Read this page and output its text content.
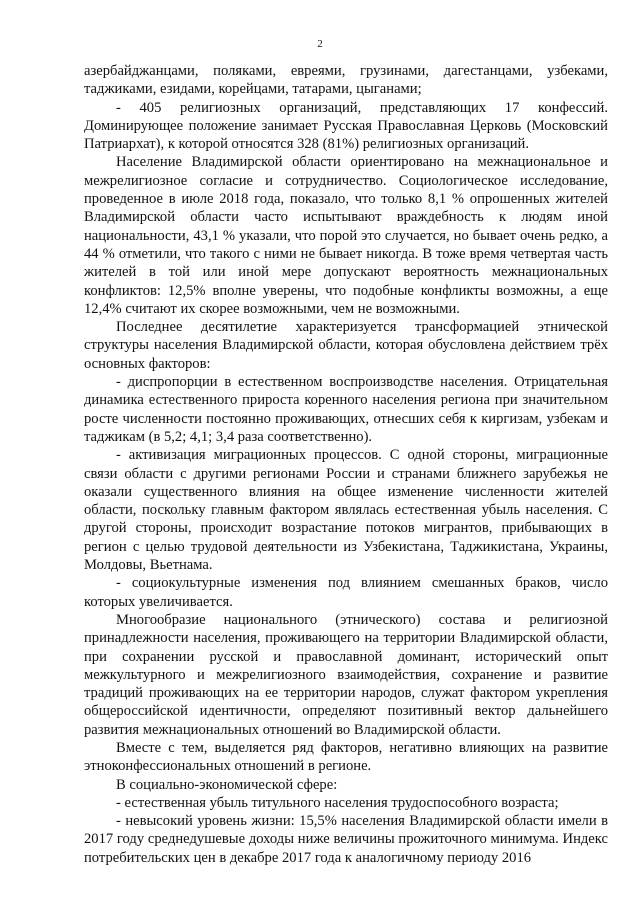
2

азербайджанцами, поляками, евреями, грузинами, дагестанцами, узбеками, таджиками, езидами, корейцами, татарами, цыганами;

- 405 религиозных организаций, представляющих 17 конфессий. Доминирующее положение занимает Русская Православная Церковь (Московский Патриархат), к которой относятся 328 (81%) религиозных организаций.

Население Владимирской области ориентировано на межнациональное и межрелигиозное согласие и сотрудничество. Социологическое исследование, проведенное в июле 2018 года, показало, что только 8,1 % опрошенных жителей Владимирской области часто испытывают враждебность к людям иной национальности, 43,1 % указали, что порой это случается, но бывает очень редко, а 44 % отметили, что такого с ними не бывает никогда. В тоже время четвертая часть жителей в той или иной мере допускают вероятность межнациональных конфликтов: 12,5% вполне уверены, что подобные конфликты возможны, а еще 12,4% считают их скорее возможными, чем не возможными.

Последнее десятилетие характеризуется трансформацией этнической структуры населения Владимирской области, которая обусловлена действием трёх основных факторов:

- диспропорции в естественном воспроизводстве населения. Отрицательная динамика естественного прироста коренного населения региона при значительном росте численности постоянно проживающих, отнесших себя к киргизам, узбекам и таджикам (в 5,2; 4,1; 3,4 раза соответственно).

- активизация миграционных процессов. С одной стороны, миграционные связи области с другими регионами России и странами ближнего зарубежья не оказали существенного влияния на общее изменение численности жителей области, поскольку главным фактором являлась естественная убыль населения. С другой стороны, происходит возрастание потоков мигрантов, прибывающих в регион с целью трудовой деятельности из Узбекистана, Таджикистана, Украины, Молдовы, Вьетнама.

- социокультурные изменения под влиянием смешанных браков, число которых увеличивается.

Многообразие национального (этнического) состава и религиозной принадлежности населения, проживающего на территории Владимирской области, при сохранении русской и православной доминант, исторический опыт межкультурного и межрелигиозного взаимодействия, сохранение и развитие традиций проживающих на ее территории народов, служат фактором укрепления общероссийской идентичности, определяют позитивный вектор дальнейшего развития межнациональных отношений во Владимирской области.

Вместе с тем, выделяется ряд факторов, негативно влияющих на развитие этноконфессиональных отношений в регионе.

В социально-экономической сфере:

- естественная убыль титульного населения трудоспособного возраста;

- невысокий уровень жизни: 15,5% населения Владимирской области имели в 2017 году среднедушевые доходы ниже величины прожиточного минимума. Индекс потребительских цен в декабре 2017 года к аналогичному периоду 2016
